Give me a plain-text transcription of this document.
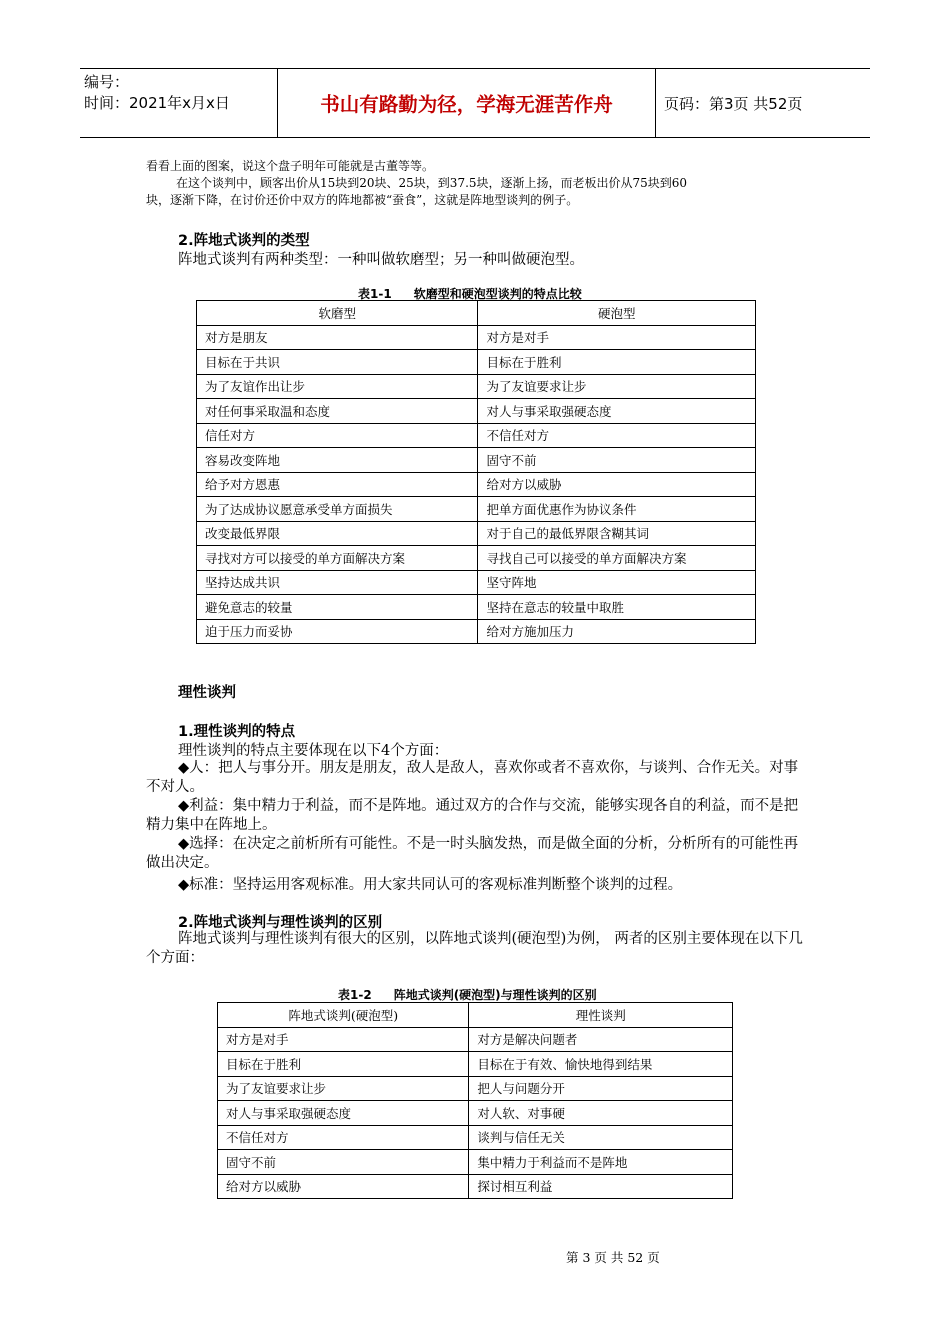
编号：
时间：2021年x月x日	书山有路勤为径，学海无涯苦作舟	页码：第3页 共52页
看看上面的图案，说这个盘子明年可能就是古董等等。
在这个谈判中，顾客出价从15块到20块、25块，到37.5块，逐渐上扬，而老板出价从75块到60
块，逐渐下降，在讨价还价中双方的阵地都被“蚕食”，这就是阵地型谈判的例子。
2.阵地式谈判的类型
阵地式谈判有两种类型：一种叫做软磨型；另一种叫做硬泡型。
表1-1 软磨型和硬泡型谈判的特点比较
软磨型	硬泡型
对方是朋友	对方是对手
目标在于共识	目标在于胜利
为了友谊作出让步	为了友谊要求让步
对任何事采取温和态度	对人与事采取强硬态度
信任对方	不信任对方
容易改变阵地	固守不前
给予对方恩惠	给对方以威胁
为了达成协议愿意承受单方面损失	把单方面优惠作为协议条件
改变最低界限	对于自己的最低界限含糊其词
寻找对方可以接受的单方面解决方案	寻找自己可以接受的单方面解决方案
坚持达成共识	坚守阵地
避免意志的较量	坚持在意志的较量中取胜
迫于压力而妥协	给对方施加压力
理性谈判
1.理性谈判的特点
理性谈判的特点主要体现在以下4个方面：
◆人：把人与事分开。朋友是朋友，敌人是敌人，喜欢你或者不喜欢你，与谈判、合作无关。对事不对人。
◆利益：集中精力于利益，而不是阵地。通过双方的合作与交流，能够实现各自的利益，而不是把精力集中在阵地上。
◆选择：在决定之前析所有可能性。不是一时头脑发热，而是做全面的分析，分析所有的可能性再做出决定。
◆标准：坚持运用客观标准。用大家共同认可的客观标准判断整个谈判的过程。
2.阵地式谈判与理性谈判的区别
阵地式谈判与理性谈判有很大的区别，以阵地式谈判(硬泡型)为例， 两者的区别主要体现在以下几个方面：
表1-2 阵地式谈判(硬泡型)与理性谈判的区别
阵地式谈判(硬泡型)	理性谈判
对方是对手	对方是解决问题者
目标在于胜利	目标在于有效、愉快地得到结果
为了友谊要求让步	把人与问题分开
对人与事采取强硬态度	对人软、对事硬
不信任对方	谈判与信任无关
固守不前	集中精力于利益而不是阵地
给对方以威胁	探讨相互利益
第 3 页 共 52 页
